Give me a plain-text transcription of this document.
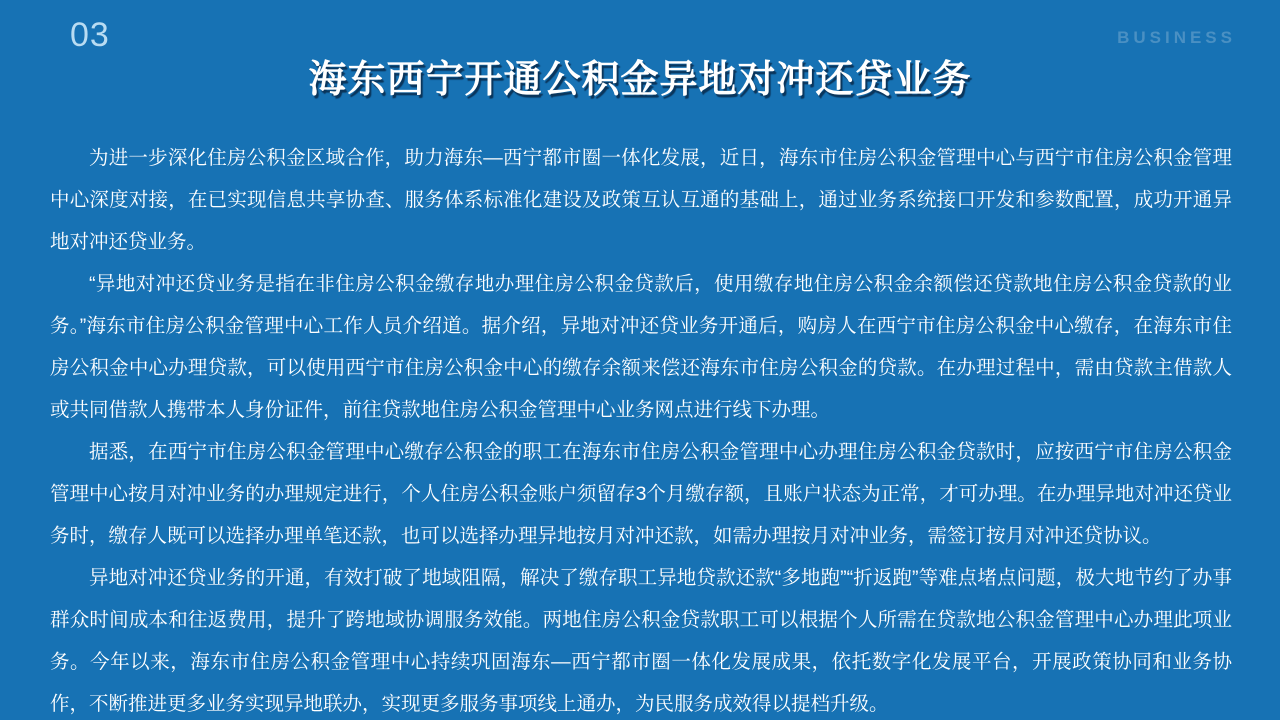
03	BUSINESS
海东西宁开通公积金异地对冲还贷业务

为进一步深化住房公积金区域合作，助力海东—西宁都市圈一体化发展，近日，海东市住房公积金管理中心与西宁市住房公积金管理中心深度对接，在已实现信息共享协查、服务体系标准化建设及政策互认互通的基础上，通过业务系统接口开发和参数配置，成功开通异地对冲还贷业务。

“异地对冲还贷业务是指在非住房公积金缴存地办理住房公积金贷款后，使用缴存地住房公积金余额偿还贷款地住房公积金贷款的业务。”海东市住房公积金管理中心工作人员介绍道。据介绍，异地对冲还贷业务开通后，购房人在西宁市住房公积金中心缴存，在海东市住房公积金中心办理贷款，可以使用西宁市住房公积金中心的缴存余额来偿还海东市住房公积金的贷款。在办理过程中，需由贷款主借款人或共同借款人携带本人身份证件，前往贷款地住房公积金管理中心业务网点进行线下办理。

据悉，在西宁市住房公积金管理中心缴存公积金的职工在海东市住房公积金管理中心办理住房公积金贷款时，应按西宁市住房公积金管理中心按月对冲业务的办理规定进行，个人住房公积金账户须留存3个月缴存额，且账户状态为正常，才可办理。在办理异地对冲还贷业务时，缴存人既可以选择办理单笔还款，也可以选择办理异地按月对冲还款，如需办理按月对冲业务，需签订按月对冲还贷协议。

异地对冲还贷业务的开通，有效打破了地域阻隔，解决了缴存职工异地贷款还款“多地跑”“折返跑”等难点堵点问题，极大地节约了办事群众时间成本和往返费用，提升了跨地域协调服务效能。两地住房公积金贷款职工可以根据个人所需在贷款地公积金管理中心办理此项业务。今年以来，海东市住房公积金管理中心持续巩固海东—西宁都市圈一体化发展成果，依托数字化发展平台，开展政策协同和业务协作，不断推进更多业务实现异地联办，实现更多服务事项线上通办，为民服务成效得以提档升级。
